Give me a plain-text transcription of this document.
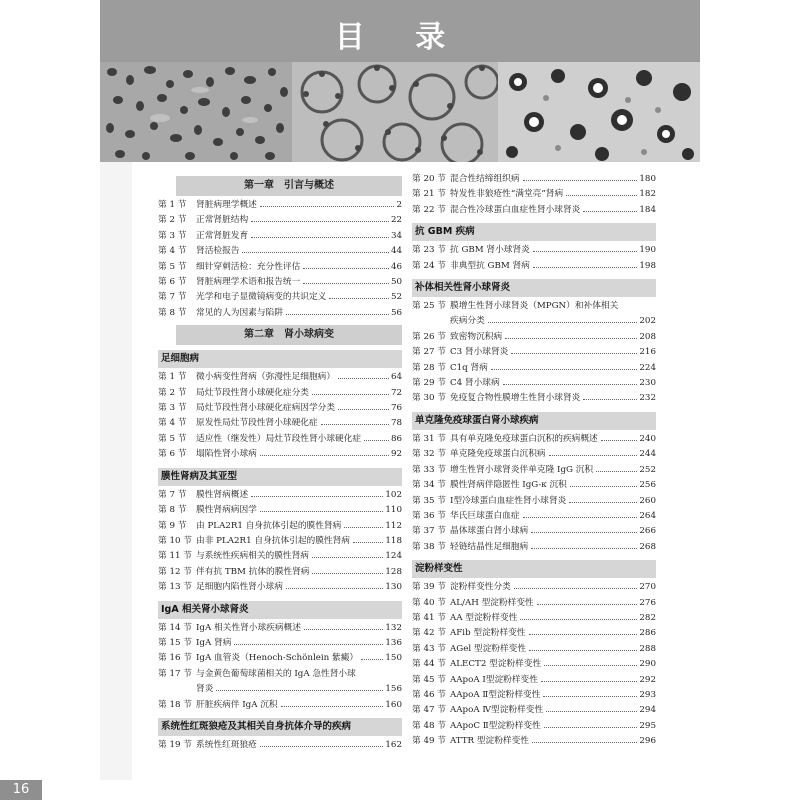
目 录
第一章　引言与概述
第 1 节	肾脏病理学概述	2
第 2 节	正常肾脏结构	22
第 3 节	正常肾脏发育	34
第 4 节	肾活检报告	44
第 5 节	细针穿刺活检：充分性评估	46
第 6 节	肾脏病理学术语和报告统一	50
第 7 节	光学和电子显微镜病变的共识定义	52
第 8 节	常见的人为因素与陷阱	56
第二章　肾小球病变
足细胞病
第 1 节	微小病变性肾病（弥漫性足细胞病）	64
第 2 节	局灶节段性肾小球硬化症分类	72
第 3 节	局灶节段性肾小球硬化症病因学分类	76
第 4 节	原发性局灶节段性肾小球硬化症	78
第 5 节	适应性（继发性）局灶节段性肾小球硬化症	86
第 6 节	塌陷性肾小球病	92
膜性肾病及其亚型
第 7 节	膜性肾病概述	102
第 8 节	膜性肾病病因学	110
第 9 节	由 PLA2R1 自身抗体引起的膜性肾病	112
第 10 节 由非 PLA2R1 自身抗体引起的膜性肾病	118
第 11 节 与系统性疾病相关的膜性肾病	124
第 12 节 伴有抗 TBM 抗体的膜性肾病	128
第 13 节 足细胞内陷性肾小球病	130
IgA 相关肾小球肾炎
第 14 节 IgA 相关性肾小球疾病概述	132
第 15 节 IgA 肾病	136
第 16 节 IgA 血管炎（Henoch-Schönlein 紫癜）	150
第 17 节 与金黄色葡萄球菌相关的 IgA 急性肾小球
肾炎	156
第 18 节 肝脏疾病伴 IgA 沉积	160
系统性红斑狼疮及其相关自身抗体介导的疾病
第 19 节 系统性红斑狼疮	162
第 20 节 混合性结缔组织病	180
第 21 节 特发性非狼疮性“满堂亮”肾病	182
第 22 节 混合性冷球蛋白血症性肾小球肾炎	184
抗 GBM 疾病
第 23 节 抗 GBM 肾小球肾炎	190
第 24 节 非典型抗 GBM 肾病	198
补体相关性肾小球肾炎
第 25 节 膜增生性肾小球肾炎（MPGN）和补体相关
疾病分类	202
第 26 节 致密物沉积病	208
第 27 节 C3 肾小球肾炎	216
第 28 节 C1q 肾病	224
第 29 节 C4 肾小球病	230
第 30 节 免疫复合物性膜增生性肾小球肾炎	232
单克隆免疫球蛋白肾小球疾病
第 31 节 具有单克隆免疫球蛋白沉积的疾病概述	240
第 32 节 单克隆免疫球蛋白沉积病	244
第 33 节 增生性肾小球肾炎伴单克隆 IgG 沉积	252
第 34 节 膜性肾病伴隐匿性 IgG-κ 沉积	256
第 35 节 Ⅰ型冷球蛋白血症性肾小球肾炎	260
第 36 节 华氏巨球蛋白血症	264
第 37 节 晶体球蛋白肾小球病	266
第 38 节 轻链结晶性足细胞病	268
淀粉样变性
第 39 节 淀粉样变性分类	270
第 40 节 AL/AH 型淀粉样变性	276
第 41 节 AA 型淀粉样变性	282
第 42 节 AFib 型淀粉样变性	286
第 43 节 AGel 型淀粉样变性	288
第 44 节 ALECT2 型淀粉样变性	290
第 45 节 AApoA Ⅰ型淀粉样变性	292
第 46 节 AApoA Ⅱ型淀粉样变性	293
第 47 节 AApoA Ⅳ型淀粉样变性	294
第 48 节 AApoC Ⅱ型淀粉样变性	295
第 49 节 ATTR 型淀粉样变性	296
16
